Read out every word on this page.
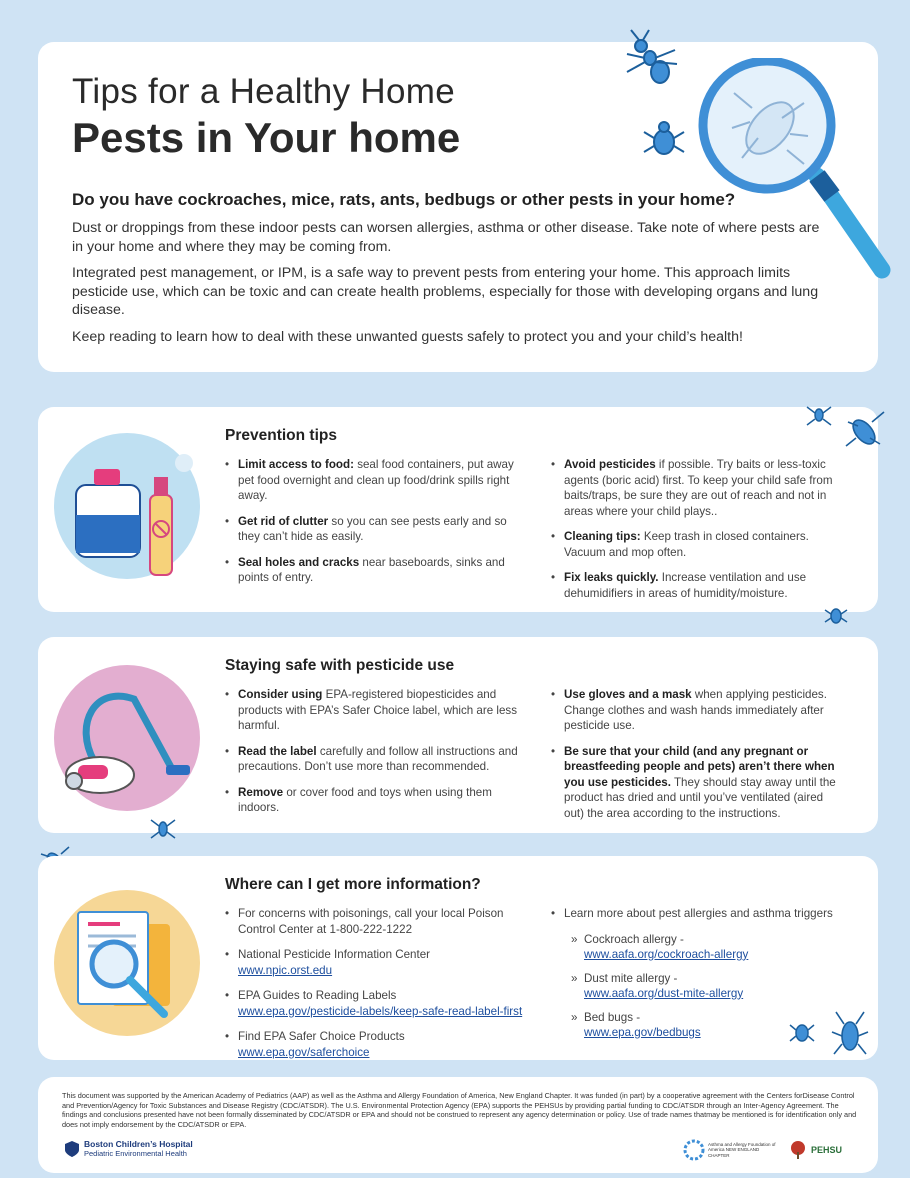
Tips for a Healthy Home
Pests in Your home
Do you have cockroaches, mice, rats, ants, bedbugs or other pests in your home?
Dust or droppings from these indoor pests can worsen allergies, asthma or other disease. Take note of where pests are in your home and where they may be coming from.
Integrated pest management, or IPM, is a safe way to prevent pests from entering your home. This approach limits pesticide use, which can be toxic and can create health problems, especially for those with developing organs and lung disease.
Keep reading to learn how to deal with these unwanted guests safely to protect you and your child’s health!
Prevention tips
• Limit access to food: seal food containers, put away pet food overnight and clean up food/drink spills right away.
• Get rid of clutter so you can see pests early and so they can’t hide as easily.
• Seal holes and cracks near baseboards, sinks and points of entry.
• Avoid pesticides if possible. Try baits or less-toxic agents (boric acid) first. To keep your child safe from baits/traps, be sure they are out of reach and not in areas where your child plays..
• Cleaning tips: Keep trash in closed containers. Vacuum and mop often.
• Fix leaks quickly. Increase ventilation and use dehumidifiers in areas of humidity/moisture.
Staying safe with pesticide use
• Consider using EPA-registered biopesticides and products with EPA’s Safer Choice label, which are less harmful.
• Read the label carefully and follow all instructions and precautions. Don’t use more than recommended.
• Remove or cover food and toys when using them indoors.
• Use gloves and a mask when applying pesticides. Change clothes and wash hands immediately after pesticide use.
• Be sure that your child (and any pregnant or breastfeeding people and pets) aren’t there when you use pesticides. They should stay away until the product has dried and until you’ve ventilated (aired out) the area according to the instructions.
Where can I get more information?
• For concerns with poisonings, call your local Poison Control Center at 1-800-222-1222
• National Pesticide Information Center
www.npic.orst.edu
• EPA Guides to Reading Labels
www.epa.gov/pesticide-labels/keep-safe-read-label-first
• Find EPA Safer Choice Products
www.epa.gov/saferchoice
• Learn more about pest allergies and asthma triggers
» Cockroach allergy -
www.aafa.org/cockroach-allergy
» Dust mite allergy -
www.aafa.org/dust-mite-allergy
» Bed bugs -
www.epa.gov/bedbugs
This document was supported by the American Academy of Pediatrics (AAP) as well as the Asthma and Allergy Foundation of America, New England Chapter. It was funded (in part) by a cooperative agreement with the Centers forDisease Control and Prevention/Agency for Toxic Substances and Disease Registry (CDC/ATSDR). The U.S. Environmental Protection Agency (EPA) supports the PEHSUs by providing partial funding to CDC/ATSDR through an Inter-Agency Agreement. The findings and conclusions presented have not been formally disseminated by CDC/ATSDR or EPA and should not be construed to represent any agency determination or policy. Use of trade names thatmay be mentioned is for identification only and does not imply endorsement by the CDC/ATSDR or EPA.
Boston Children’s Hospital
Pediatric Environmental Health
Asthma and Allergy Foundation of America NEW ENGLAND CHAPTER
PEHSU
